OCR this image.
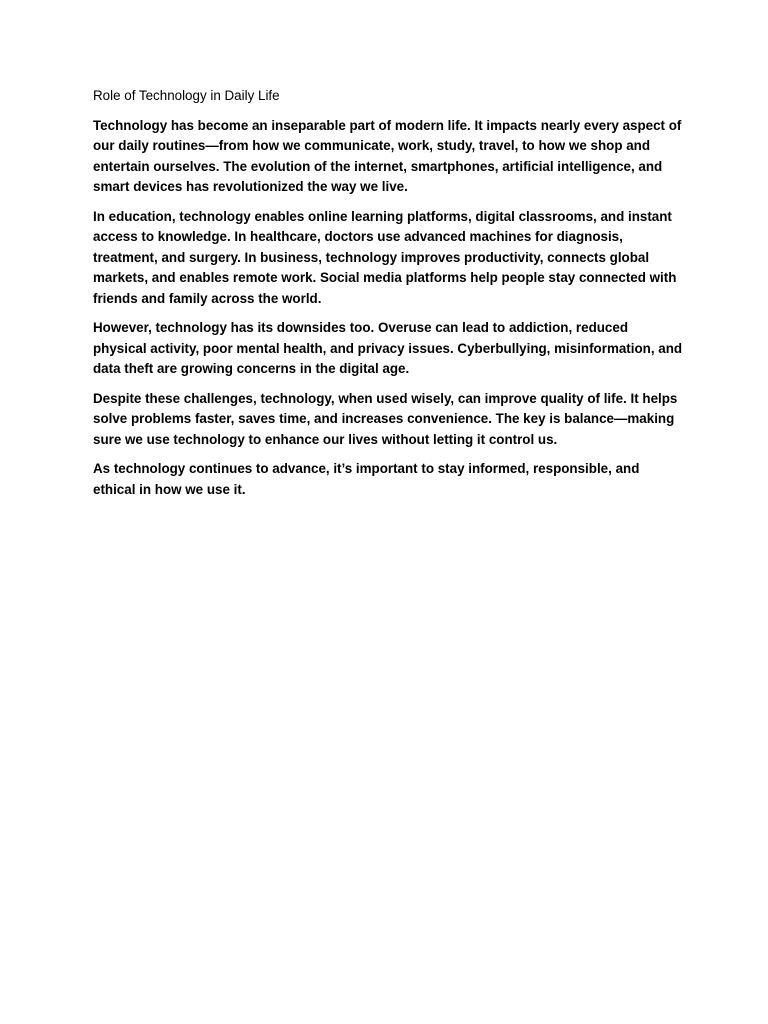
Role of Technology in Daily Life

Technology has become an inseparable part of modern life. It impacts nearly every aspect of our daily routines—from how we communicate, work, study, travel, to how we shop and entertain ourselves. The evolution of the internet, smartphones, artificial intelligence, and smart devices has revolutionized the way we live.

In education, technology enables online learning platforms, digital classrooms, and instant access to knowledge. In healthcare, doctors use advanced machines for diagnosis, treatment, and surgery. In business, technology improves productivity, connects global markets, and enables remote work. Social media platforms help people stay connected with friends and family across the world.

However, technology has its downsides too. Overuse can lead to addiction, reduced physical activity, poor mental health, and privacy issues. Cyberbullying, misinformation, and data theft are growing concerns in the digital age.

Despite these challenges, technology, when used wisely, can improve quality of life. It helps solve problems faster, saves time, and increases convenience. The key is balance—making sure we use technology to enhance our lives without letting it control us.

As technology continues to advance, it’s important to stay informed, responsible, and ethical in how we use it.
